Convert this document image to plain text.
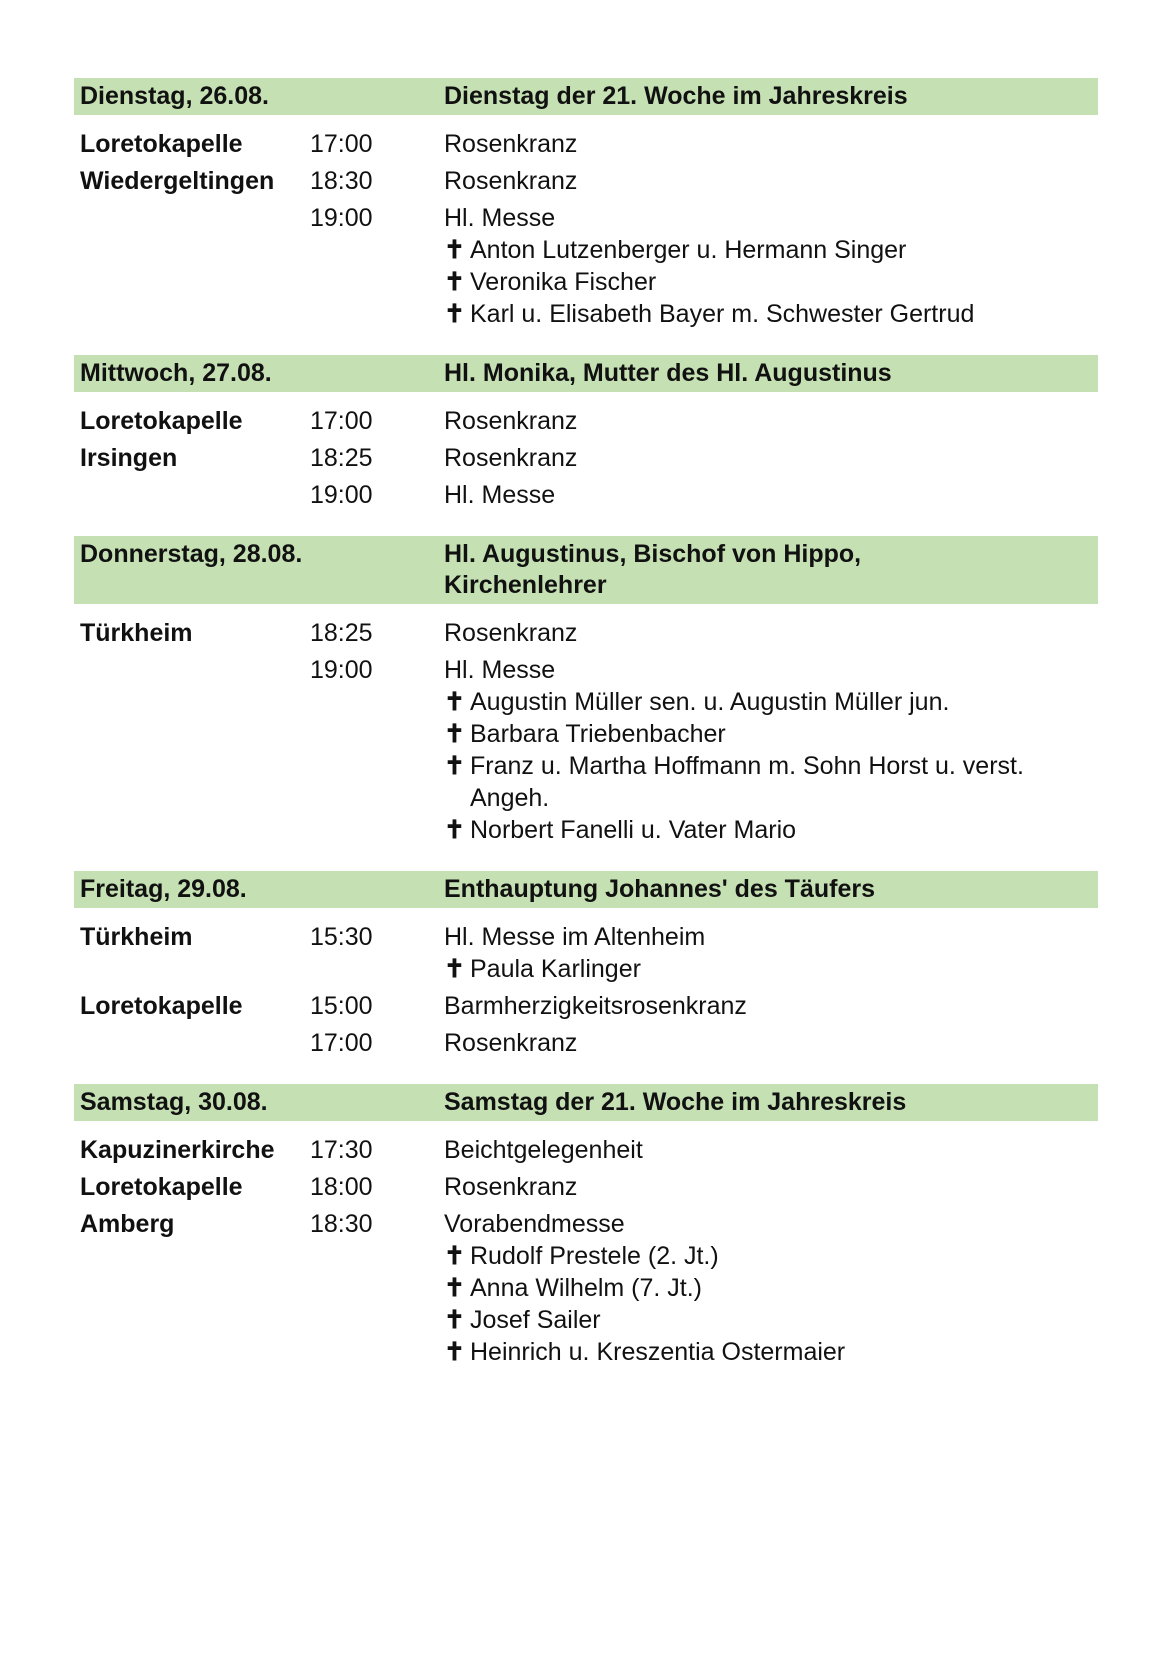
Dienstag, 26.08.	Dienstag der 21. Woche im Jahreskreis
Loretokapelle	17:00	Rosenkranz
Wiedergeltingen	18:30	Rosenkranz
19:00	Hl. Messe
✝ Anton Lutzenberger u. Hermann Singer
✝ Veronika Fischer
✝ Karl u. Elisabeth Bayer m. Schwester Gertrud
Mittwoch, 27.08.	Hl. Monika, Mutter des Hl. Augustinus
Loretokapelle	17:00	Rosenkranz
Irsingen	18:25	Rosenkranz
19:00	Hl. Messe
Donnerstag, 28.08.	Hl. Augustinus, Bischof von Hippo,
Kirchenlehrer
Türkheim	18:25	Rosenkranz
19:00	Hl. Messe
✝ Augustin Müller sen. u. Augustin Müller jun.
✝ Barbara Triebenbacher
✝ Franz u. Martha Hoffmann m. Sohn Horst u. verst. Angeh.
✝ Norbert Fanelli u. Vater Mario
Freitag, 29.08.	Enthauptung Johannes' des Täufers
Türkheim	15:30	Hl. Messe im Altenheim
✝ Paula Karlinger
Loretokapelle	15:00	Barmherzigkeitsrosenkranz
17:00	Rosenkranz
Samstag, 30.08.	Samstag der 21. Woche im Jahreskreis
Kapuzinerkirche	17:30	Beichtgelegenheit
Loretokapelle	18:00	Rosenkranz
Amberg	18:30	Vorabendmesse
✝ Rudolf Prestele (2. Jt.)
✝ Anna Wilhelm (7. Jt.)
✝ Josef Sailer
✝ Heinrich u. Kreszentia Ostermaier
